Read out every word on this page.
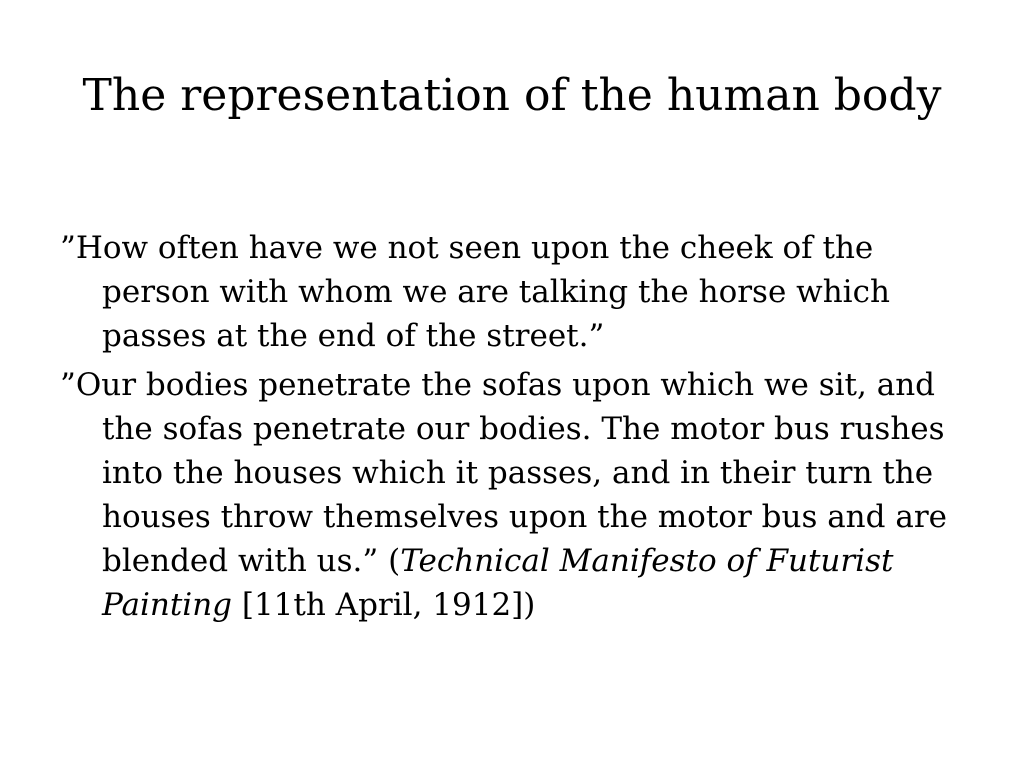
The representation of the human body

”How often have we not seen upon the cheek of the person with whom we are talking the horse which passes at the end of the street.”

”Our bodies penetrate the sofas upon which we sit, and the sofas penetrate our bodies. The motor bus rushes into the houses which it passes, and in their turn the houses throw themselves upon the motor bus and are blended with us.” (Technical Manifesto of Futurist Painting [11th April, 1912])
